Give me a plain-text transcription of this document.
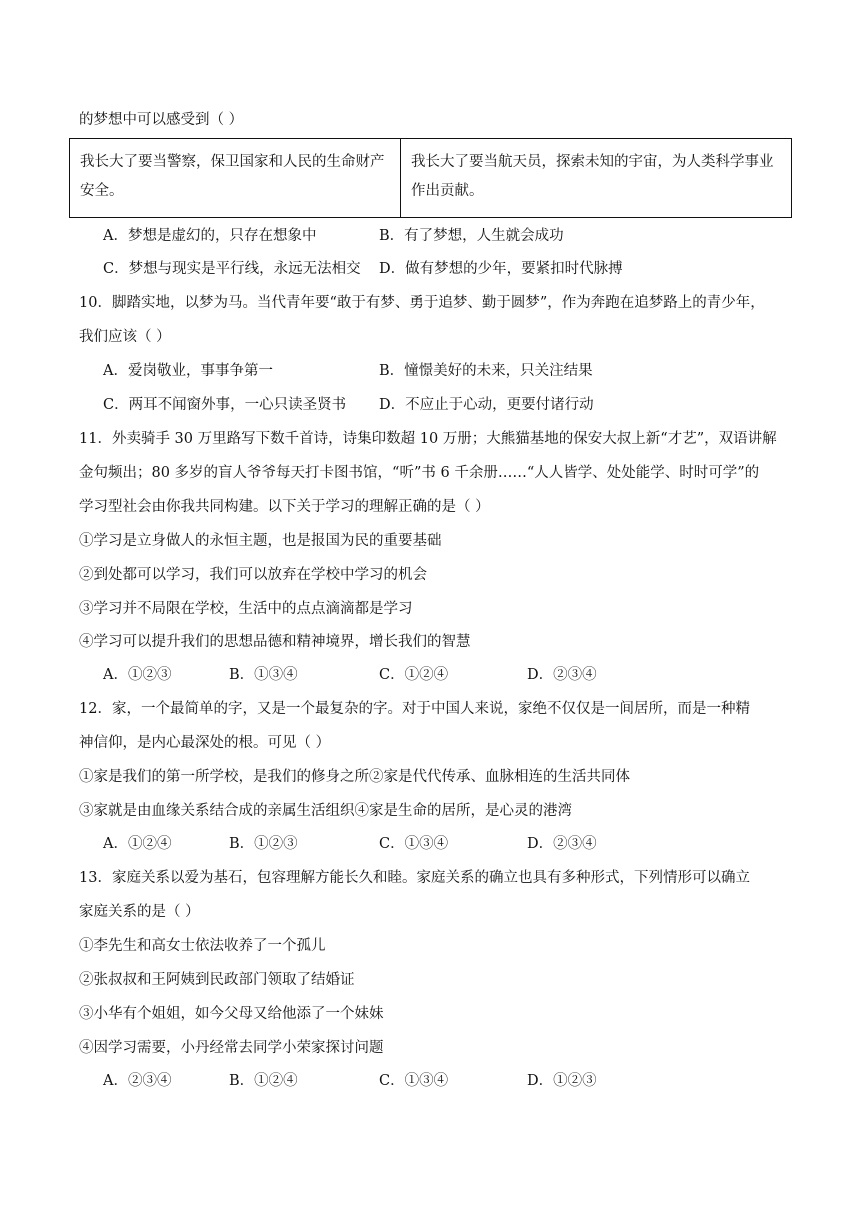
的梦想中可以感受到（ ）
我长大了要当警察，保卫国家和人民的生命财产安全。	我长大了要当航天员，探索未知的宇宙，为人类科学事业作出贡献。
A．梦想是虚幻的，只存在想象中	B．有了梦想，人生就会成功
C．梦想与现实是平行线，永远无法相交 D．做有梦想的少年，要紧扣时代脉搏
10．脚踏实地，以梦为马。当代青年要“敢于有梦、勇于追梦、勤于圆梦”，作为奔跑在追梦路上的青少年，
我们应该（ ）
A．爱岗敬业，事事争第一	B．憧憬美好的未来，只关注结果
C．两耳不闻窗外事，一心只读圣贤书 D．不应止于心动，更要付诸行动
11．外卖骑手 30 万里路写下数千首诗，诗集印数超 10 万册；大熊猫基地的保安大叔上新“才艺”，双语讲解
金句频出；80 多岁的盲人爷爷每天打卡图书馆，“听”书 6 千余册……“人人皆学、处处能学、时时可学”的
学习型社会由你我共同构建。以下关于学习的理解正确的是（ ）
①学习是立身做人的永恒主题，也是报国为民的重要基础
②到处都可以学习，我们可以放弃在学校中学习的机会
③学习并不局限在学校，生活中的点点滴滴都是学习
④学习可以提升我们的思想品德和精神境界，增长我们的智慧
A．①②③	B．①③④	C．①②④	D．②③④
12．家，一个最简单的字，又是一个最复杂的字。对于中国人来说，家绝不仅仅是一间居所，而是一种精
神信仰，是内心最深处的根。可见（ ）
①家是我们的第一所学校，是我们的修身之所②家是代代传承、血脉相连的生活共同体
③家就是由血缘关系结合成的亲属生活组织④家是生命的居所，是心灵的港湾
A．①②④	B．①②③	C．①③④	D．②③④
13．家庭关系以爱为基石，包容理解方能长久和睦。家庭关系的确立也具有多种形式，下列情形可以确立
家庭关系的是（ ）
①李先生和高女士依法收养了一个孤儿
②张叔叔和王阿姨到民政部门领取了结婚证
③小华有个姐姐，如今父母又给他添了一个妹妹
④因学习需要，小丹经常去同学小荣家探讨问题
A．②③④	B．①②④	C．①③④	D．①②③
